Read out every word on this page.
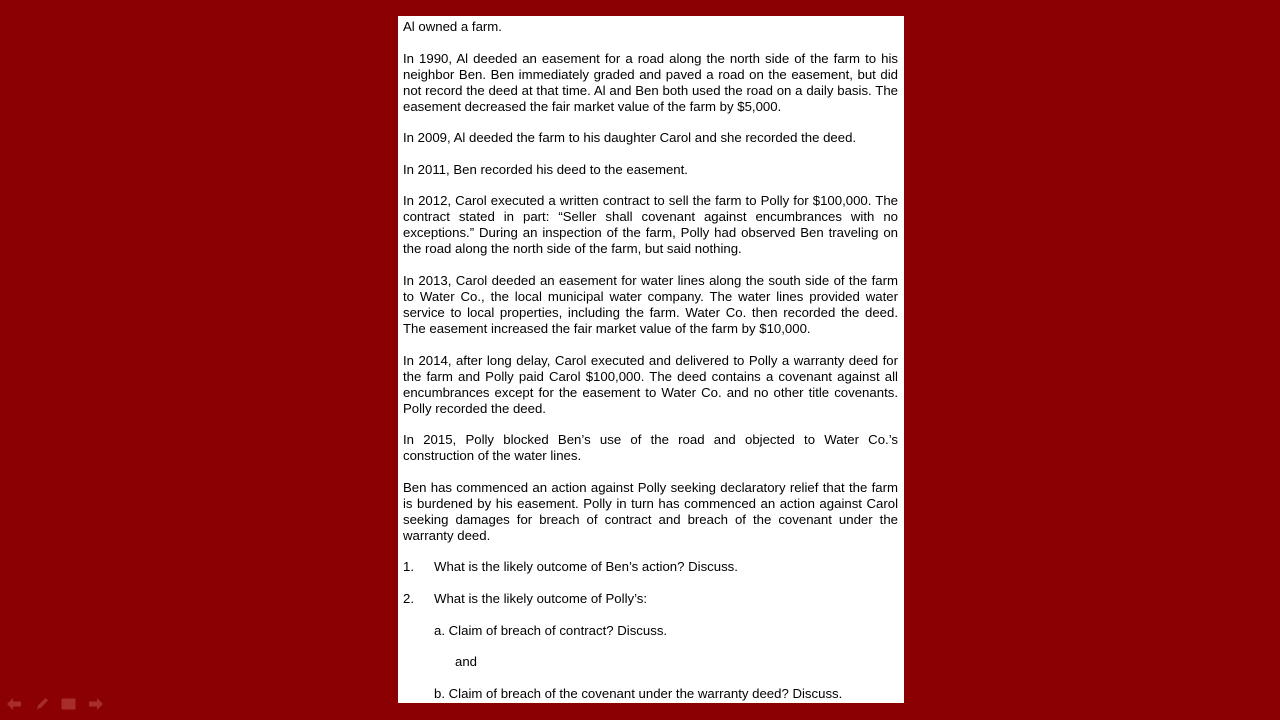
Al owned a farm.

In 1990, Al deeded an easement for a road along the north side of the farm to his neighbor Ben. Ben immediately graded and paved a road on the easement, but did not record the deed at that time. Al and Ben both used the road on a daily basis. The easement decreased the fair market value of the farm by $5,000.

In 2009, Al deeded the farm to his daughter Carol and she recorded the deed.

In 2011, Ben recorded his deed to the easement.

In 2012, Carol executed a written contract to sell the farm to Polly for $100,000. The contract stated in part: “Seller shall covenant against encumbrances with no exceptions.” During an inspection of the farm, Polly had observed Ben traveling on the road along the north side of the farm, but said nothing.

In 2013, Carol deeded an easement for water lines along the south side of the farm to Water Co., the local municipal water company. The water lines provided water service to local properties, including the farm. Water Co. then recorded the deed. The easement increased the fair market value of the farm by $10,000.

In 2014, after long delay, Carol executed and delivered to Polly a warranty deed for the farm and Polly paid Carol $100,000. The deed contains a covenant against all encumbrances except for the easement to Water Co. and no other title covenants. Polly recorded the deed.

In 2015, Polly blocked Ben’s use of the road and objected to Water Co.’s construction of the water lines.

Ben has commenced an action against Polly seeking declaratory relief that the farm is burdened by his easement. Polly in turn has commenced an action against Carol seeking damages for breach of contract and breach of the covenant under the warranty deed.

1.	What is the likely outcome of Ben’s action? Discuss.
2.	What is the likely outcome of Polly’s:

a. Claim of breach of contract? Discuss.

and

b. Claim of breach of the covenant under the warranty deed? Discuss.
